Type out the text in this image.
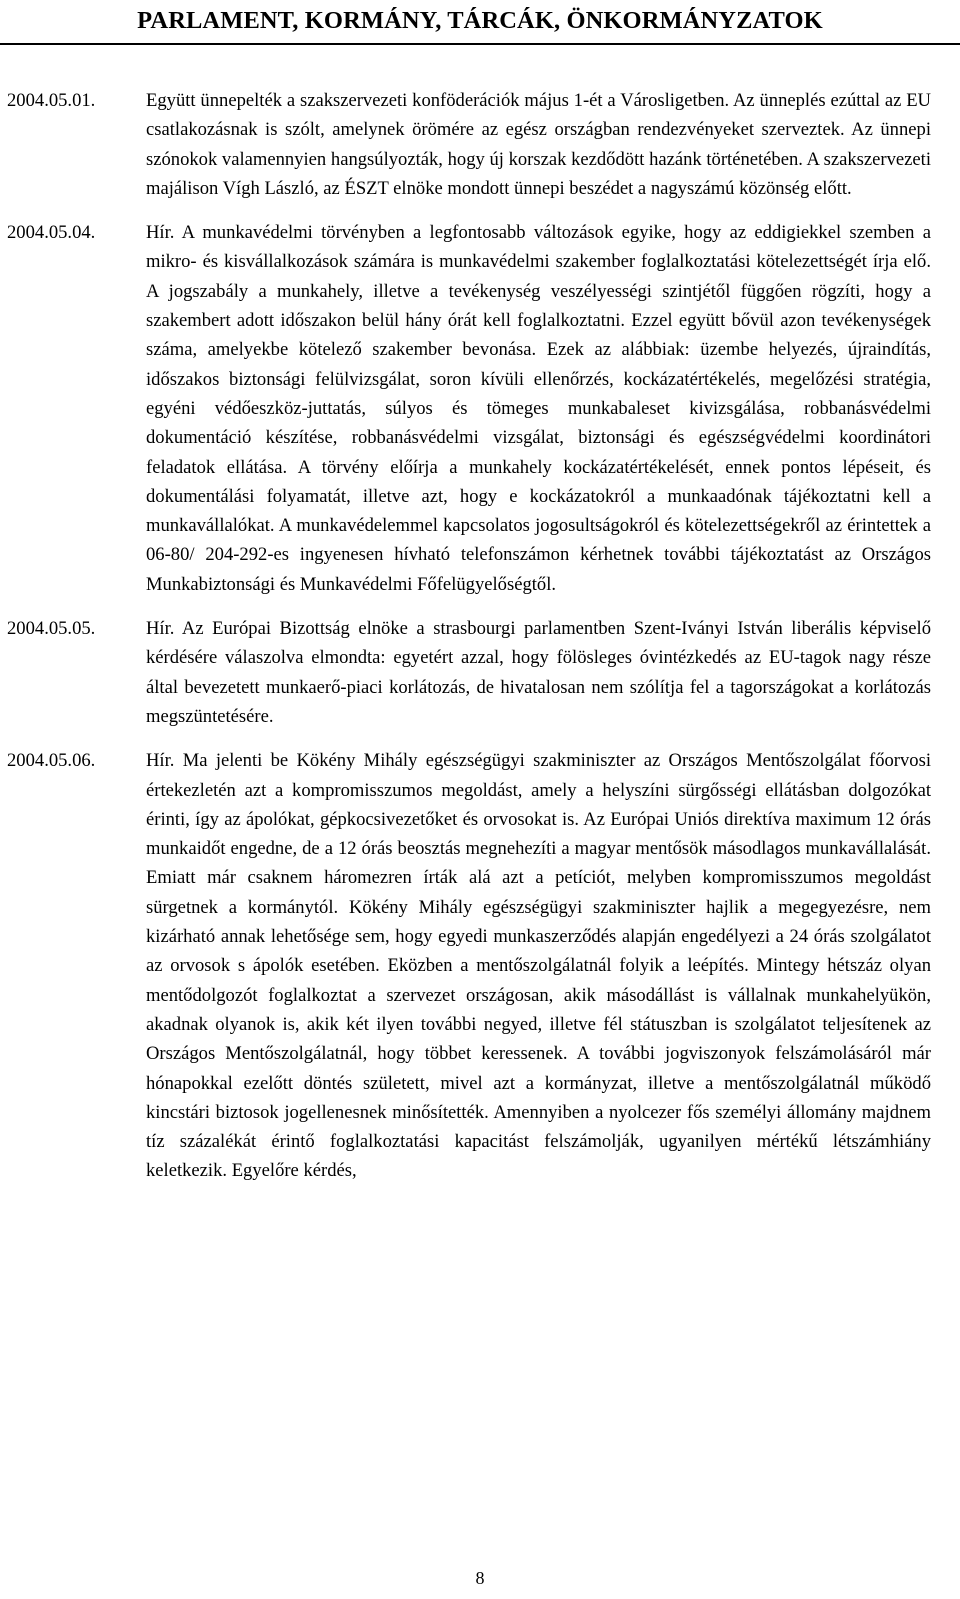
PARLAMENT, KORMÁNY, TÁRCÁK, ÖNKORMÁNYZATOK
2004.05.01.	Együtt ünnepelték a szakszervezeti konföderációk május 1-ét a Városligetben. Az ünneplés ezúttal az EU csatlakozásnak is szólt, amelynek örömére az egész országban rendezvényeket szerveztek. Az ünnepi szónokok valamennyien hangsúlyozták, hogy új korszak kezdődött hazánk történetében. A szakszervezeti majálison Vígh László, az ÉSZT elnöke mondott ünnepi beszédet a nagyszámú közönség előtt.
2004.05.04.	Hír. A munkavédelmi törvényben a legfontosabb változások egyike, hogy az eddigiekkel szemben a mikro- és kisvállalkozások számára is munkavédelmi szakember foglalkoztatási kötelezettségét írja elő. A jogszabály a munkahely, illetve a tevékenység veszélyességi szintjétől függően rögzíti, hogy a szakembert adott időszakon belül hány órát kell foglalkoztatni. Ezzel együtt bővül azon tevékenységek száma, amelyekbe kötelező szakember bevonása. Ezek az alábbiak: üzembe helyezés, újraindítás, időszakos biztonsági felülvizsgálat, soron kívüli ellenőrzés, kockázatértékelés, megelőzési stratégia, egyéni védőeszköz-juttatás, súlyos és tömeges munkabaleset kivizsgálása, robbanásvédelmi dokumentáció készítése, robbanásvédelmi vizsgálat, biztonsági és egészségvédelmi koordinátori feladatok ellátása. A törvény előírja a munkahely kockázatértékelését, ennek pontos lépéseit, és dokumentálási folyamatát, illetve azt, hogy e kockázatokról a munkaadónak tájékoztatni kell a munkavállalókat. A munkavédelemmel kapcsolatos jogosultságokról és kötelezettségekről az érintettek a 06-80/ 204-292-es ingyenesen hívható telefonszámon kérhetnek további tájékoztatást az Országos Munkabiztonsági és Munkavédelmi Főfelügyelőségtől.
2004.05.05.	Hír. Az Európai Bizottság elnöke a strasbourgi parlamentben Szent-Iványi István liberális képviselő kérdésére válaszolva elmondta: egyetért azzal, hogy fölösleges óvintézkedés az EU-tagok nagy része által bevezetett munkaerő-piaci korlátozás, de hivatalosan nem szólítja fel a tagországokat a korlátozás megszüntetésére.
2004.05.06.	Hír. Ma jelenti be Kökény Mihály egészségügyi szakminiszter az Országos Mentőszolgálat főorvosi értekezletén azt a kompromisszumos megoldást, amely a helyszíni sürgősségi ellátásban dolgozókat érinti, így az ápolókat, gépkocsivezetőket és orvosokat is. Az Európai Uniós direktíva maximum 12 órás munkaidőt engedne, de a 12 órás beosztás megnehezíti a magyar mentősök másodlagos munkavállalását. Emiatt már csaknem háromezren írták alá azt a petíciót, melyben kompromisszumos megoldást sürgetnek a kormánytól. Kökény Mihály egészségügyi szakminiszter hajlik a megegyezésre, nem kizárható annak lehetősége sem, hogy egyedi munkaszerződés alapján engedélyezi a 24 órás szolgálatot az orvosok s ápolók esetében. Eközben a mentőszolgálatnál folyik a leépítés. Mintegy hétszáz olyan mentődolgozót foglalkoztat a szervezet országosan, akik másodállást is vállalnak munkahelyükön, akadnak olyanok is, akik két ilyen további negyed, illetve fél státuszban is szolgálatot teljesítenek az Országos Mentőszolgálatnál, hogy többet keressenek. A további jogviszonyok felszámolásáról már hónapokkal ezelőtt döntés született, mivel azt a kormányzat, illetve a mentőszolgálatnál működő kincstári biztosok jogellenesnek minősítették. Amennyiben a nyolcezer fős személyi állomány majdnem tíz százalékát érintő foglalkoztatási kapacitást felszámolják, ugyanilyen mértékű létszámhiány keletkezik. Egyelőre kérdés,
8
